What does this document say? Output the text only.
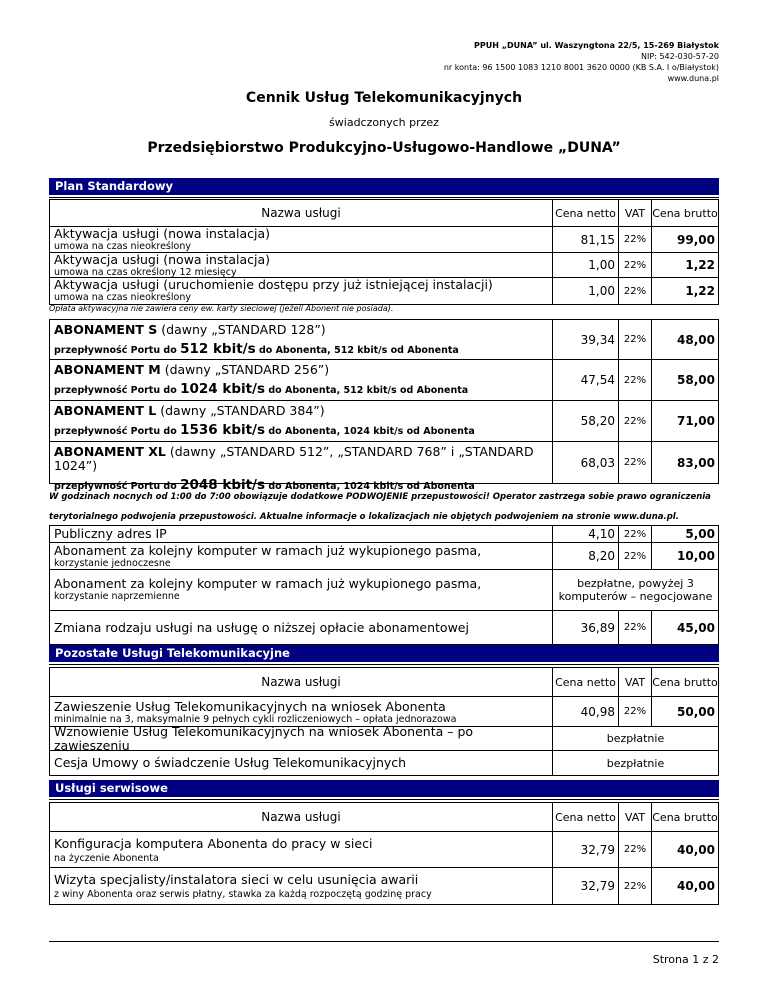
PPUH „DUNA” ul. Waszyngtona 22/5, 15-269 Białystok
NIP: 542-030-57-20
nr konta: 96 1500 1083 1210 8001 3620 0000 (KB S.A. I o/Białystok)
www.duna.pl
Cennik Usług Telekomunikacyjnych
świadczonych przez
Przedsiębiorstwo Produkcyjno-Usługowo-Handlowe „DUNA”
Plan Standardowy
Nazwa usługi	Cena netto VAT Cena brutto
Aktywacja usługi (nowa instalacja)
umowa na czas nieokreślony	81,15 22%	99,00
Aktywacja usługi (nowa instalacja)
umowa na czas określony 12 miesięcy
1,00 22%	1,22
Aktywacja usługi (uruchomienie dostępu przy już istniejącej instalacji)
umowa na czas nieokreślony	1,00 22%	1,22
Opłata aktywacyjna nie zawiera ceny ew. karty sieciowej (jeżeli Abonent nie posiada).
ABONAMENT S (dawny „STANDARD 128”)
przepływność Portu do 512 kbit/s do Abonenta, 512 kbit/s od Abonenta
39,34 22%	48,00
ABONAMENT M (dawny „STANDARD 256”)
przepływność Portu do 1024 kbit/s do Abonenta, 512 kbit/s od Abonenta
47,54 22%	58,00
ABONAMENT L (dawny „STANDARD 384”)
przepływność Portu do 1536 kbit/s do Abonenta, 1024 kbit/s od Abonenta
58,20 22%	71,00
ABONAMENT XL (dawny „STANDARD 512”, „STANDARD 768” i „STANDARD 1024”)
przepływność Portu do 2048 kbit/s do Abonenta, 1024 kbit/s od Abonenta
68,03 22%	83,00
W godzinach nocnych od 1:00 do 7:00 obowiązuje dodatkowe PODWOJENIE przepustowości! Operator zastrzega sobie prawo ograniczenia terytorialnego podwojenia przepustowości. Aktualne informacje o lokalizacjach nie objętych podwojeniem na stronie www.duna.pl.
Publiczny adres IP	4,10 22%	5,00
Abonament za kolejny komputer w ramach już wykupionego pasma,
korzystanie jednoczesne
8,20 22%	10,00
Abonament za kolejny komputer w ramach już wykupionego pasma,
korzystanie naprzemienne
bezpłatne, powyżej 3 komputerów – negocjowane
Zmiana rodzaju usługi na usługę o niższej opłacie abonamentowej	36,89 22%	45,00
Pozostałe Usługi Telekomunikacyjne
Nazwa usługi	Cena netto VAT Cena brutto
Zawieszenie Usług Telekomunikacyjnych na wniosek Abonenta
minimalnie na 3, maksymalnie 9 pełnych cykli rozliczeniowych – opłata jednorazowa
40,98 22%	50,00
Wznowienie Usług Telekomunikacyjnych na wniosek Abonenta – po zawieszeniu	bezpłatnie
Cesja Umowy o świadczenie Usług Telekomunikacyjnych	bezpłatnie
Usługi serwisowe
Nazwa usługi	Cena netto VAT Cena brutto
Konfiguracja komputera Abonenta do pracy w sieci
na życzenie Abonenta
32,79 22%	40,00
Wizyta specjalisty/instalatora sieci w celu usunięcia awarii
z winy Abonenta oraz serwis płatny, stawka za każdą rozpoczętą godzinę pracy
32,79 22%	40,00
Strona 1 z 2
